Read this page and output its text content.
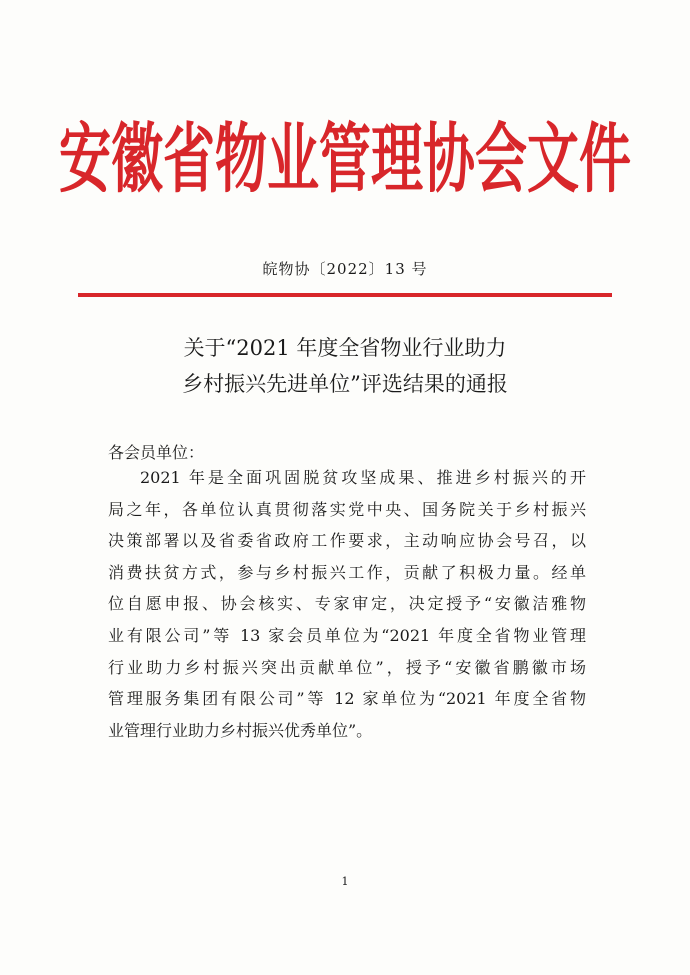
安徽省物业管理协会文件
皖物协〔2022〕13 号
关于“2021 年度全省物业行业助力
乡村振兴先进单位”评选结果的通报
各会员单位：
2021 年是全面巩固脱贫攻坚成果、推进乡村振兴的开
局之年，各单位认真贯彻落实党中央、国务院关于乡村振兴
决策部署以及省委省政府工作要求，主动响应协会号召，以
消费扶贫方式，参与乡村振兴工作，贡献了积极力量。经单
位自愿申报、协会核实、专家审定，决定授予“安徽洁雅物
业有限公司”等 13 家会员单位为“2021 年度全省物业管理
行业助力乡村振兴突出贡献单位”，授予“安徽省鹏徽市场
管理服务集团有限公司”等 12 家单位为“2021 年度全省物
业管理行业助力乡村振兴优秀单位”。
1
